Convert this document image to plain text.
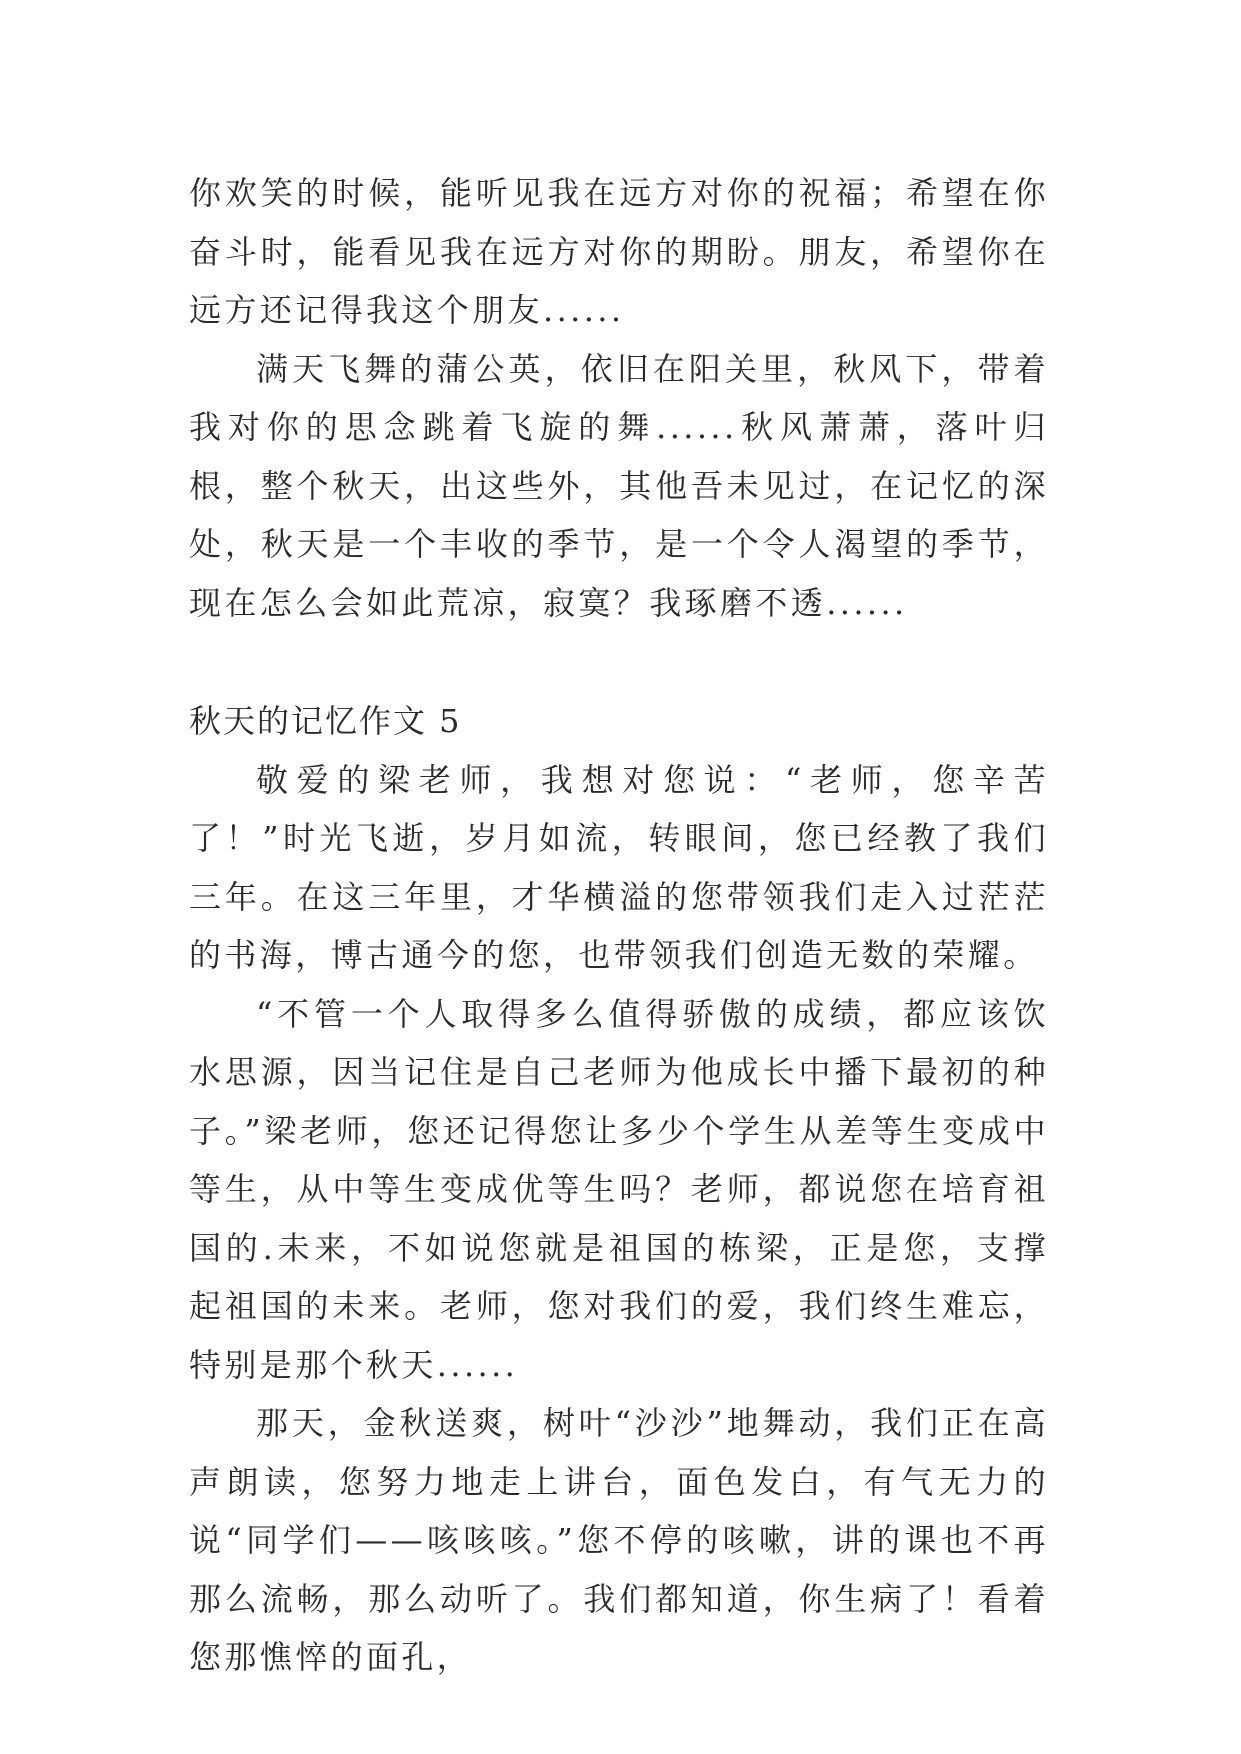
你欢笑的时候，能听见我在远方对你的祝福；希望在你奋斗时，能看见我在远方对你的期盼。朋友，希望你在远方还记得我这个朋友......

满天飞舞的蒲公英，依旧在阳关里，秋风下，带着我对你的思念跳着飞旋的舞......秋风萧萧，落叶归根，整个秋天，出这些外，其他吾未见过，在记忆的深处，秋天是一个丰收的季节，是一个令人渴望的季节，现在怎么会如此荒凉，寂寞？我琢磨不透......

秋天的记忆作文 5

敬爱的梁老师，我想对您说：“老师，您辛苦了！”时光飞逝，岁月如流，转眼间，您已经教了我们三年。在这三年里，才华横溢的您带领我们走入过茫茫的书海，博古通今的您，也带领我们创造无数的荣耀。

“不管一个人取得多么值得骄傲的成绩，都应该饮水思源，因当记住是自己老师为他成长中播下最初的种子。”梁老师，您还记得您让多少个学生从差等生变成中等生，从中等生变成优等生吗？老师，都说您在培育祖国的.未来，不如说您就是祖国的栋梁，正是您，支撑起祖国的未来。老师，您对我们的爱，我们终生难忘，特别是那个秋天......

那天，金秋送爽，树叶“沙沙”地舞动，我们正在高声朗读，您努力地走上讲台，面色发白，有气无力的说“同学们——咳咳咳。”您不停的咳嗽，讲的课也不再那么流畅，那么动听了。我们都知道，你生病了！看着您那憔悴的面孔，
